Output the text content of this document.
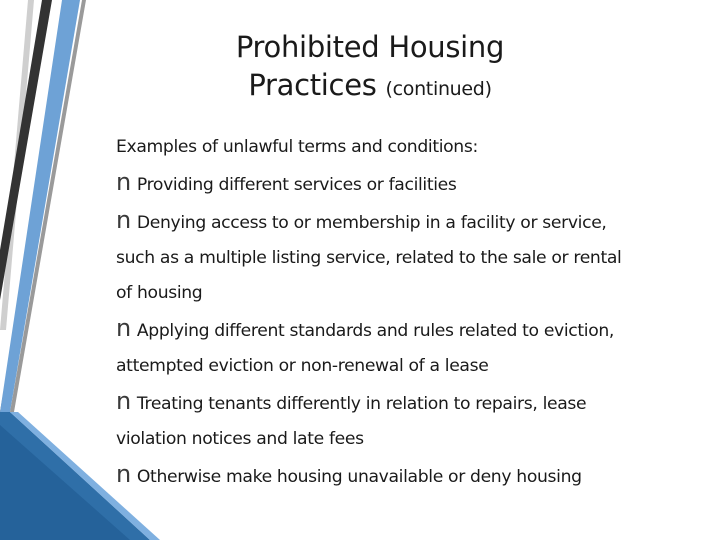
Prohibited Housing
Practices (continued)
Examples of unlawful terms and conditions:
n Providing different services or facilities
n Denying access to or membership in a facility or service,
such as a multiple listing service, related to the sale or rental
of housing
n Applying different standards and rules related to eviction,
attempted eviction or non-renewal of a lease
n Treating tenants differently in relation to repairs, lease
violation notices and late fees
n Otherwise make housing unavailable or deny housing
